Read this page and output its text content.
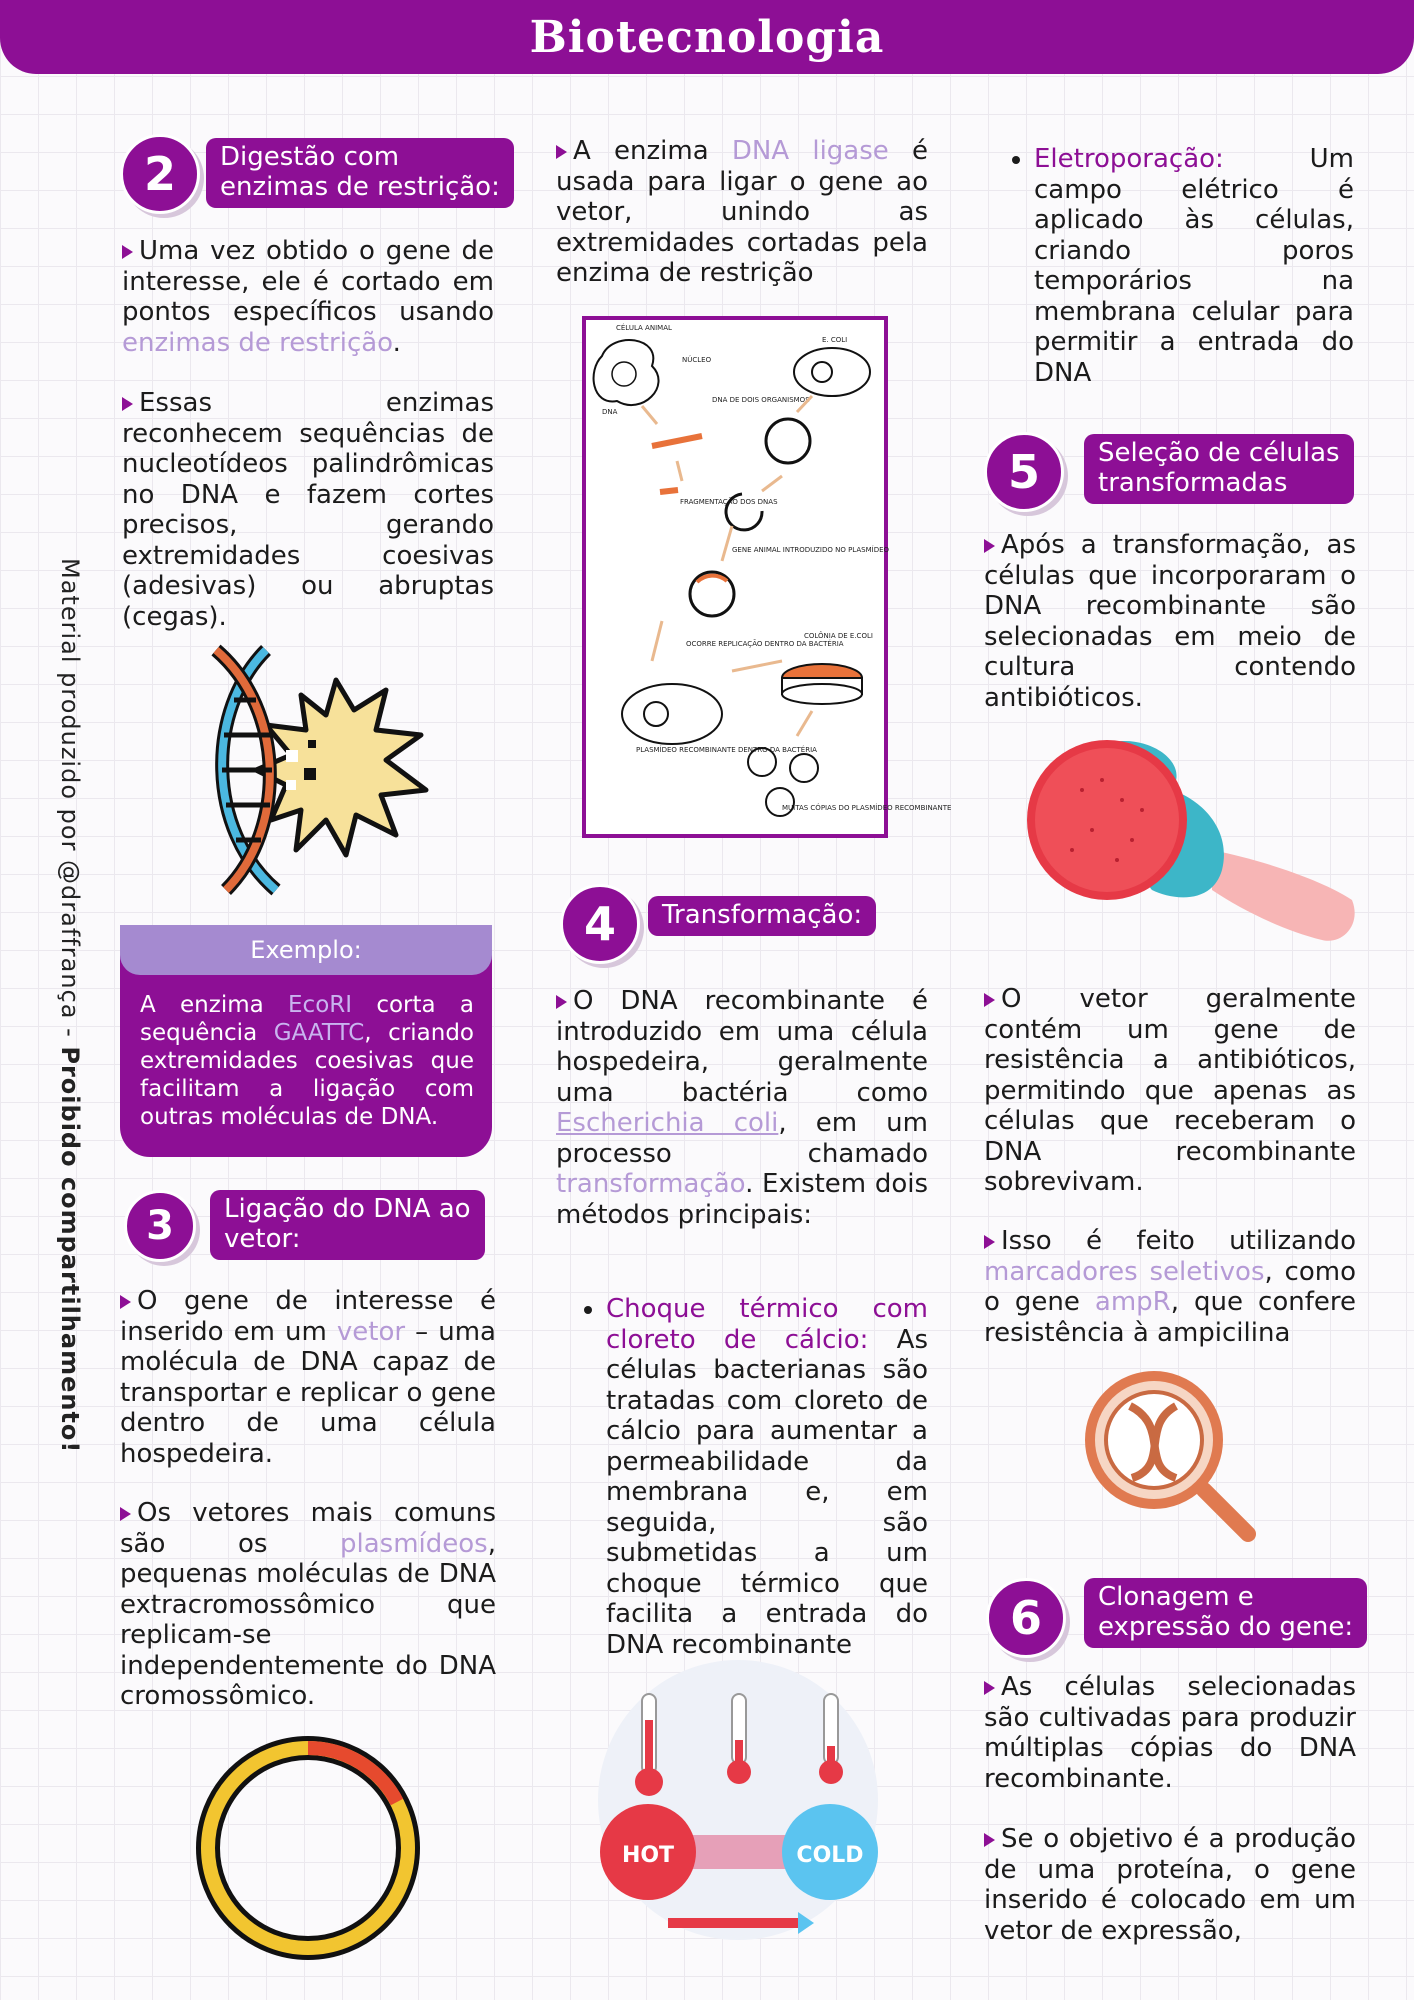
Biotecnologia
Material produzido por @draffrança - Proibido compartilhamento!
2	Digestão com
enzimas de restrição:
Uma vez obtido o gene de interesse, ele é cortado em pontos específicos usando enzimas de restrição.
Essas enzimas reconhecem sequências de nucleotídeos palindrômicas no DNA e fazem cortes precisos, gerando extremidades coesivas (adesivas) ou abruptas (cegas).
Exemplo:
A enzima EcoRI corta a sequência GAATTC, criando extremidades coesivas que facilitam a ligação com outras moléculas de DNA.
3	Ligação do DNA ao
vetor:
O gene de interesse é inserido em um vetor – uma molécula de DNA capaz de transportar e replicar o gene dentro de uma célula hospedeira.
Os vetores mais comuns são os plasmídeos, pequenas moléculas de DNA extracromossômico que replicam-se independentemente do DNA cromossômico.
A enzima DNA ligase é usada para ligar o gene ao vetor, unindo as extremidades cortadas pela enzima de restrição
CÉLULA ANIMAL
NÚCLEO
E. COLI
DNA
DNA DE DOIS ORGANISMOS
FRAGMENTAÇÃO DOS DNAS
GENE ANIMAL INTRODUZIDO NO PLASMÍDEO
OCORRE REPLICAÇÃO DENTRO DA BACTÉRIA
COLÔNIA DE E.COLI
PLASMÍDEO RECOMBINANTE DENTRO DA BACTÉRIA
MUITAS CÓPIAS DO PLASMÍDEO RECOMBINANTE
4	Transformação:
O DNA recombinante é introduzido em uma célula hospedeira, geralmente uma bactéria como Escherichia coli, em um processo chamado transformação. Existem dois métodos principais:
• Choque térmico com cloreto de cálcio: As células bacterianas são tratadas com cloreto de cálcio para aumentar a permeabilidade da membrana e, em seguida, são submetidas a um choque térmico que facilita a entrada do DNA recombinante
HOT	COLD
• Eletroporação: Um campo elétrico é aplicado às células, criando poros temporários na membrana celular para permitir a entrada do DNA
5	Seleção de células
transformadas
Após a transformação, as células que incorporaram o DNA recombinante são selecionadas em meio de cultura contendo antibióticos.
O vetor geralmente contém um gene de resistência a antibióticos, permitindo que apenas as células que receberam o DNA recombinante sobrevivam.
Isso é feito utilizando marcadores seletivos, como o gene ampR, que confere resistência à ampicilina
6	Clonagem e
expressão do gene:
As células selecionadas são cultivadas para produzir múltiplas cópias do DNA recombinante.
Se o objetivo é a produção de uma proteína, o gene inserido é colocado em um vetor de expressão,
